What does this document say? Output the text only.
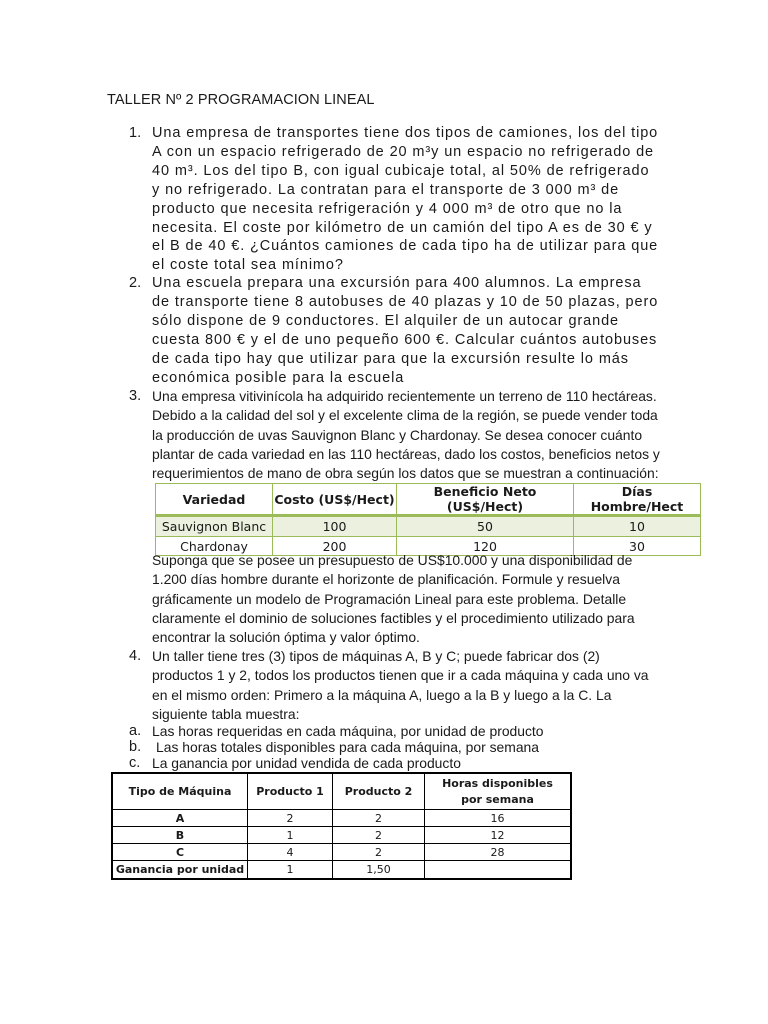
TALLER Nº 2 PROGRAMACION LINEAL
1. Una empresa de transportes tiene dos tipos de camiones, los del tipo
A con un espacio refrigerado de 20 m³y un espacio no refrigerado de
40 m³. Los del tipo B, con igual cubicaje total, al 50% de refrigerado
y no refrigerado. La contratan para el transporte de 3 000 m³ de
producto que necesita refrigeración y 4 000 m³ de otro que no la
necesita. El coste por kilómetro de un camión del tipo A es de 30 € y
el B de 40 €. ¿Cuántos camiones de cada tipo ha de utilizar para que
el coste total sea mínimo?
2. Una escuela prepara una excursión para 400 alumnos. La empresa
de transporte tiene 8 autobuses de 40 plazas y 10 de 50 plazas, pero
sólo dispone de 9 conductores. El alquiler de un autocar grande
cuesta 800 € y el de uno pequeño 600 €. Calcular cuántos autobuses
de cada tipo hay que utilizar para que la excursión resulte lo más
económica posible para la escuela
3. Una empresa vitivinícola ha adquirido recientemente un terreno de 110 hectáreas.
Debido a la calidad del sol y el excelente clima de la región, se puede vender toda
la producción de uvas Sauvignon Blanc y Chardonay. Se desea conocer cuánto
plantar de cada variedad en las 110 hectáreas, dado los costos, beneficios netos y
requerimientos de mano de obra según los datos que se muestran a continuación:
Variedad	Costo (US$/Hect)	Beneficio Neto (US$/Hect)	Días Hombre/Hect
Sauvignon Blanc	100	50	10
Chardonay	200	120	30
Suponga que se posee un presupuesto de US$10.000 y una disponibilidad de
1.200 días hombre durante el horizonte de planificación. Formule y resuelva
gráficamente un modelo de Programación Lineal para este problema. Detalle
claramente el dominio de soluciones factibles y el procedimiento utilizado para
encontrar la solución óptima y valor óptimo.
4. Un taller tiene tres (3) tipos de máquinas A, B y C; puede fabricar dos (2)
productos 1 y 2, todos los productos tienen que ir a cada máquina y cada uno va
en el mismo orden: Primero a la máquina A, luego a la B y luego a la C. La
siguiente tabla muestra:
a. Las horas requeridas en cada máquina, por unidad de producto
b. Las horas totales disponibles para cada máquina, por semana
c. La ganancia por unidad vendida de cada producto
Tipo de Máquina	Producto 1	Producto 2	Horas disponibles por semana
A	2	2	16
B	1	2	12
C	4	2	28
Ganancia por unidad	1	1,50	
